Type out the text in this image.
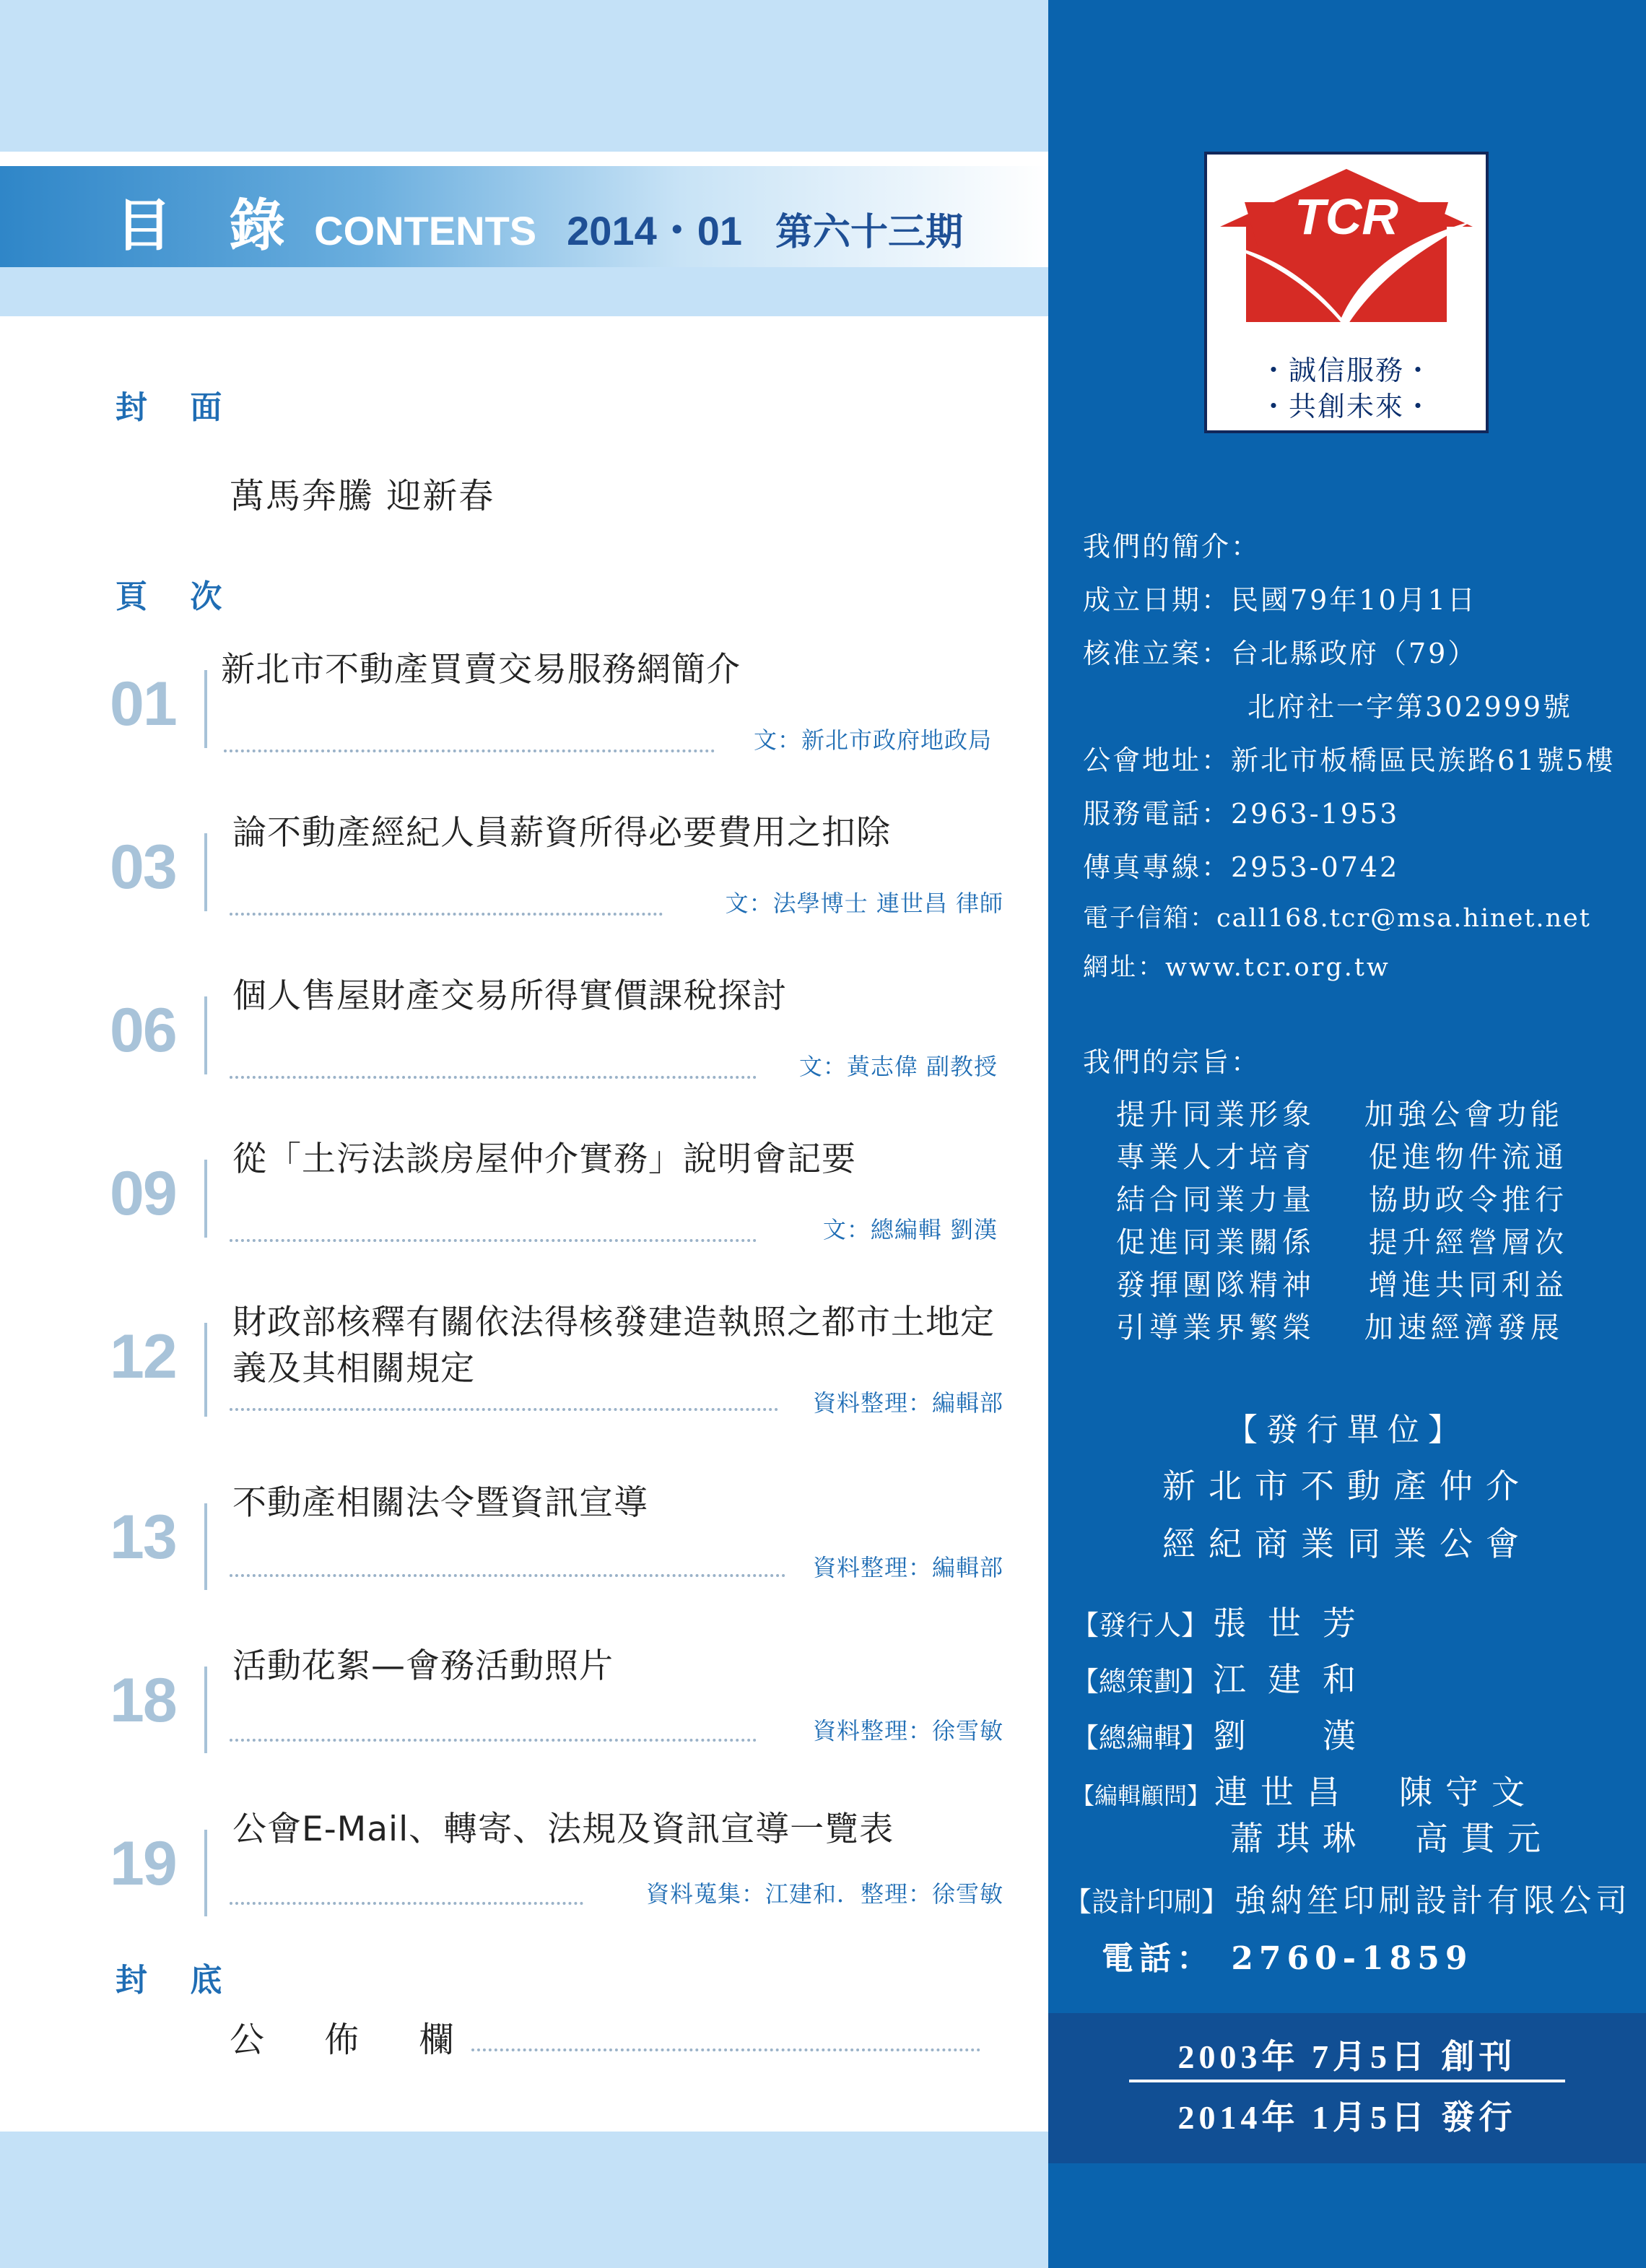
目 錄 CONTENTS 2014・01 第六十三期
封 面
萬馬奔騰 迎新春
頁 次
01 新北市不動產買賣交易服務網簡介
文：新北市政府地政局
03 論不動產經紀人員薪資所得必要費用之扣除
文：法學博士 連世昌 律師
06 個人售屋財產交易所得實價課稅探討
文：黃志偉 副教授
09 從「土污法談房屋仲介實務」說明會記要
文：總編輯 劉漢
12 財政部核釋有關依法得核發建造執照之都市土地定義及其相關規定
資料整理：編輯部
13 不動產相關法令暨資訊宣導
資料整理：編輯部
18 活動花絮—會務活動照片
資料整理：徐雪敏
19 公會E-Mail、轉寄、法規及資訊宣導一覽表
資料蒐集：江建和．整理：徐雪敏
封 底
公 佈 欄
TCR
・誠信服務・
・共創未來・
我們的簡介：
成立日期：民國79年10月1日
核准立案：台北縣政府（79）
北府社一字第302999號
公會地址：新北市板橋區民族路61號5樓
服務電話：2963-1953
傳真專線：2953-0742
電子信箱：call168.tcr@msa.hinet.net
網址：www.tcr.org.tw
我們的宗旨：
提升同業形象 加強公會功能
專業人才培育 促進物件流通
結合同業力量 協助政令推行
促進同業關係 提升經營層次
發揮團隊精神 增進共同利益
引導業界繁榮 加速經濟發展
【發行單位】
新北市不動產仲介
經紀商業同業公會
【發行人】 張世芳
【總策劃】 江建和
【總編輯】 劉　漢
【編輯顧問】 連世昌　陳守文
蕭琪琳　高貫元
【設計印刷】 強納笙印刷設計有限公司
電話： 2760-1859
2003年 7月5日 創刊
2014年 1月5日 發行
